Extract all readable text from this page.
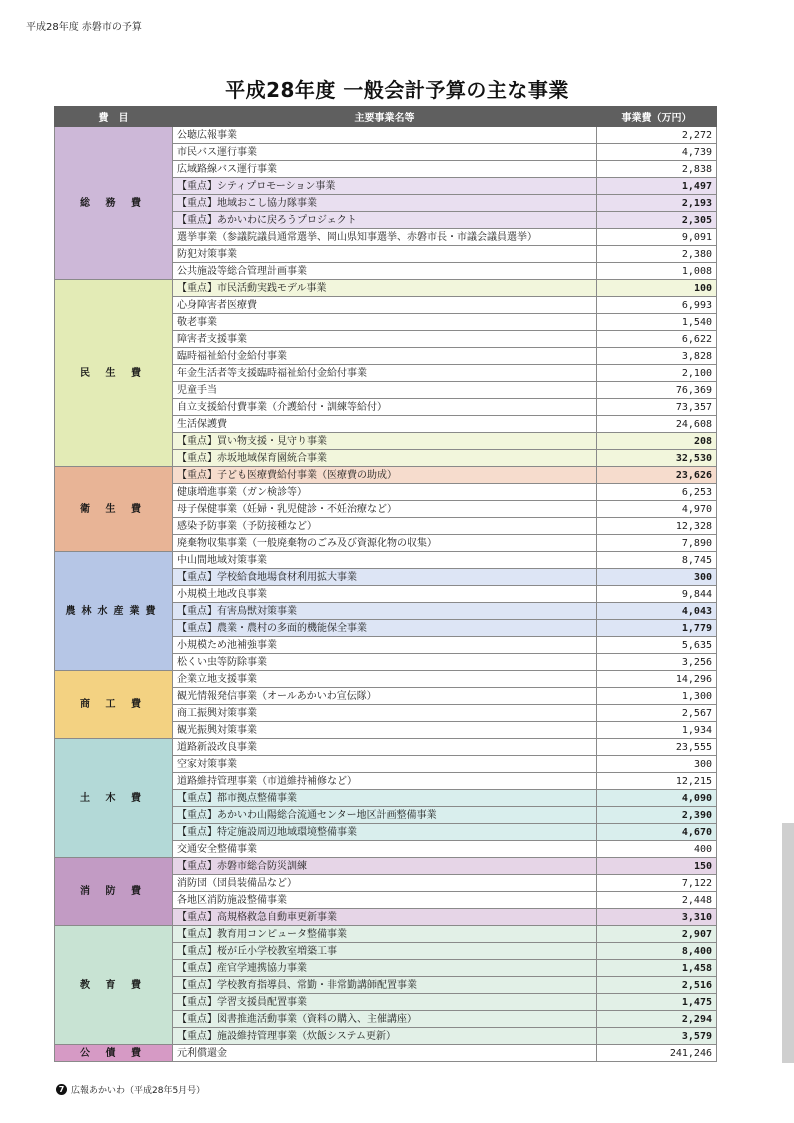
平成28年度 赤磐市の予算
平成28年度 一般会計予算の主な事業
費　目	主要事業名等	事業費（万円）
総 務 費	公聴広報事業	2,272
	市民バス運行事業	4,739
	広域路線バス運行事業	2,838
	【重点】シティプロモーション事業	1,497
	【重点】地域おこし協力隊事業	2,193
	【重点】あかいわに戻ろうプロジェクト	2,305
	選挙事業（参議院議員通常選挙、岡山県知事選挙、赤磐市長・市議会議員選挙）	9,091
	防犯対策事業	2,380
	公共施設等総合管理計画事業	1,008
民 生 費	【重点】市民活動実践モデル事業	100
	心身障害者医療費	6,993
	敬老事業	1,540
	障害者支援事業	6,622
	臨時福祉給付金給付事業	3,828
	年金生活者等支援臨時福祉給付金給付事業	2,100
	児童手当	76,369
	自立支援給付費事業（介護給付・訓練等給付）	73,357
	生活保護費	24,608
	【重点】買い物支援・見守り事業	208
	【重点】赤坂地域保育園統合事業	32,530
衛 生 費	【重点】子ども医療費給付事業（医療費の助成）	23,626
	健康増進事業（ガン検診等）	6,253
	母子保健事業（妊婦・乳児健診・不妊治療など）	4,970
	感染予防事業（予防接種など）	12,328
	廃棄物収集事業（一般廃棄物のごみ及び資源化物の収集）	7,890
農林水産業費	中山間地域対策事業	8,745
	【重点】学校給食地場食材利用拡大事業	300
	小規模土地改良事業	9,844
	【重点】有害鳥獣対策事業	4,043
	【重点】農業・農村の多面的機能保全事業	1,779
	小規模ため池補強事業	5,635
	松くい虫等防除事業	3,256
商 工 費	企業立地支援事業	14,296
	観光情報発信事業（オールあかいわ宣伝隊）	1,300
	商工振興対策事業	2,567
	観光振興対策事業	1,934
土 木 費	道路新設改良事業	23,555
	空家対策事業	300
	道路維持管理事業（市道維持補修など）	12,215
	【重点】都市拠点整備事業	4,090
	【重点】あかいわ山陽総合流通センター地区計画整備事業	2,390
	【重点】特定施設周辺地域環境整備事業	4,670
	交通安全整備事業	400
消 防 費	【重点】赤磐市総合防災訓練	150
	消防団（団員装備品など）	7,122
	各地区消防施設整備事業	2,448
	【重点】高規格救急自動車更新事業	3,310
教 育 費	【重点】教育用コンピュータ整備事業	2,907
	【重点】桜が丘小学校教室増築工事	8,400
	【重点】産官学連携協力事業	1,458
	【重点】学校教育指導員、常勤・非常勤講師配置事業	2,516
	【重点】学習支援員配置事業	1,475
	【重点】図書推進活動事業（資料の購入、主催講座）	2,294
	【重点】施設維持管理事業（炊飯システム更新）	3,579
公 債 費	元利償還金	241,246
7 広報あかいわ（平成28年5月号）
